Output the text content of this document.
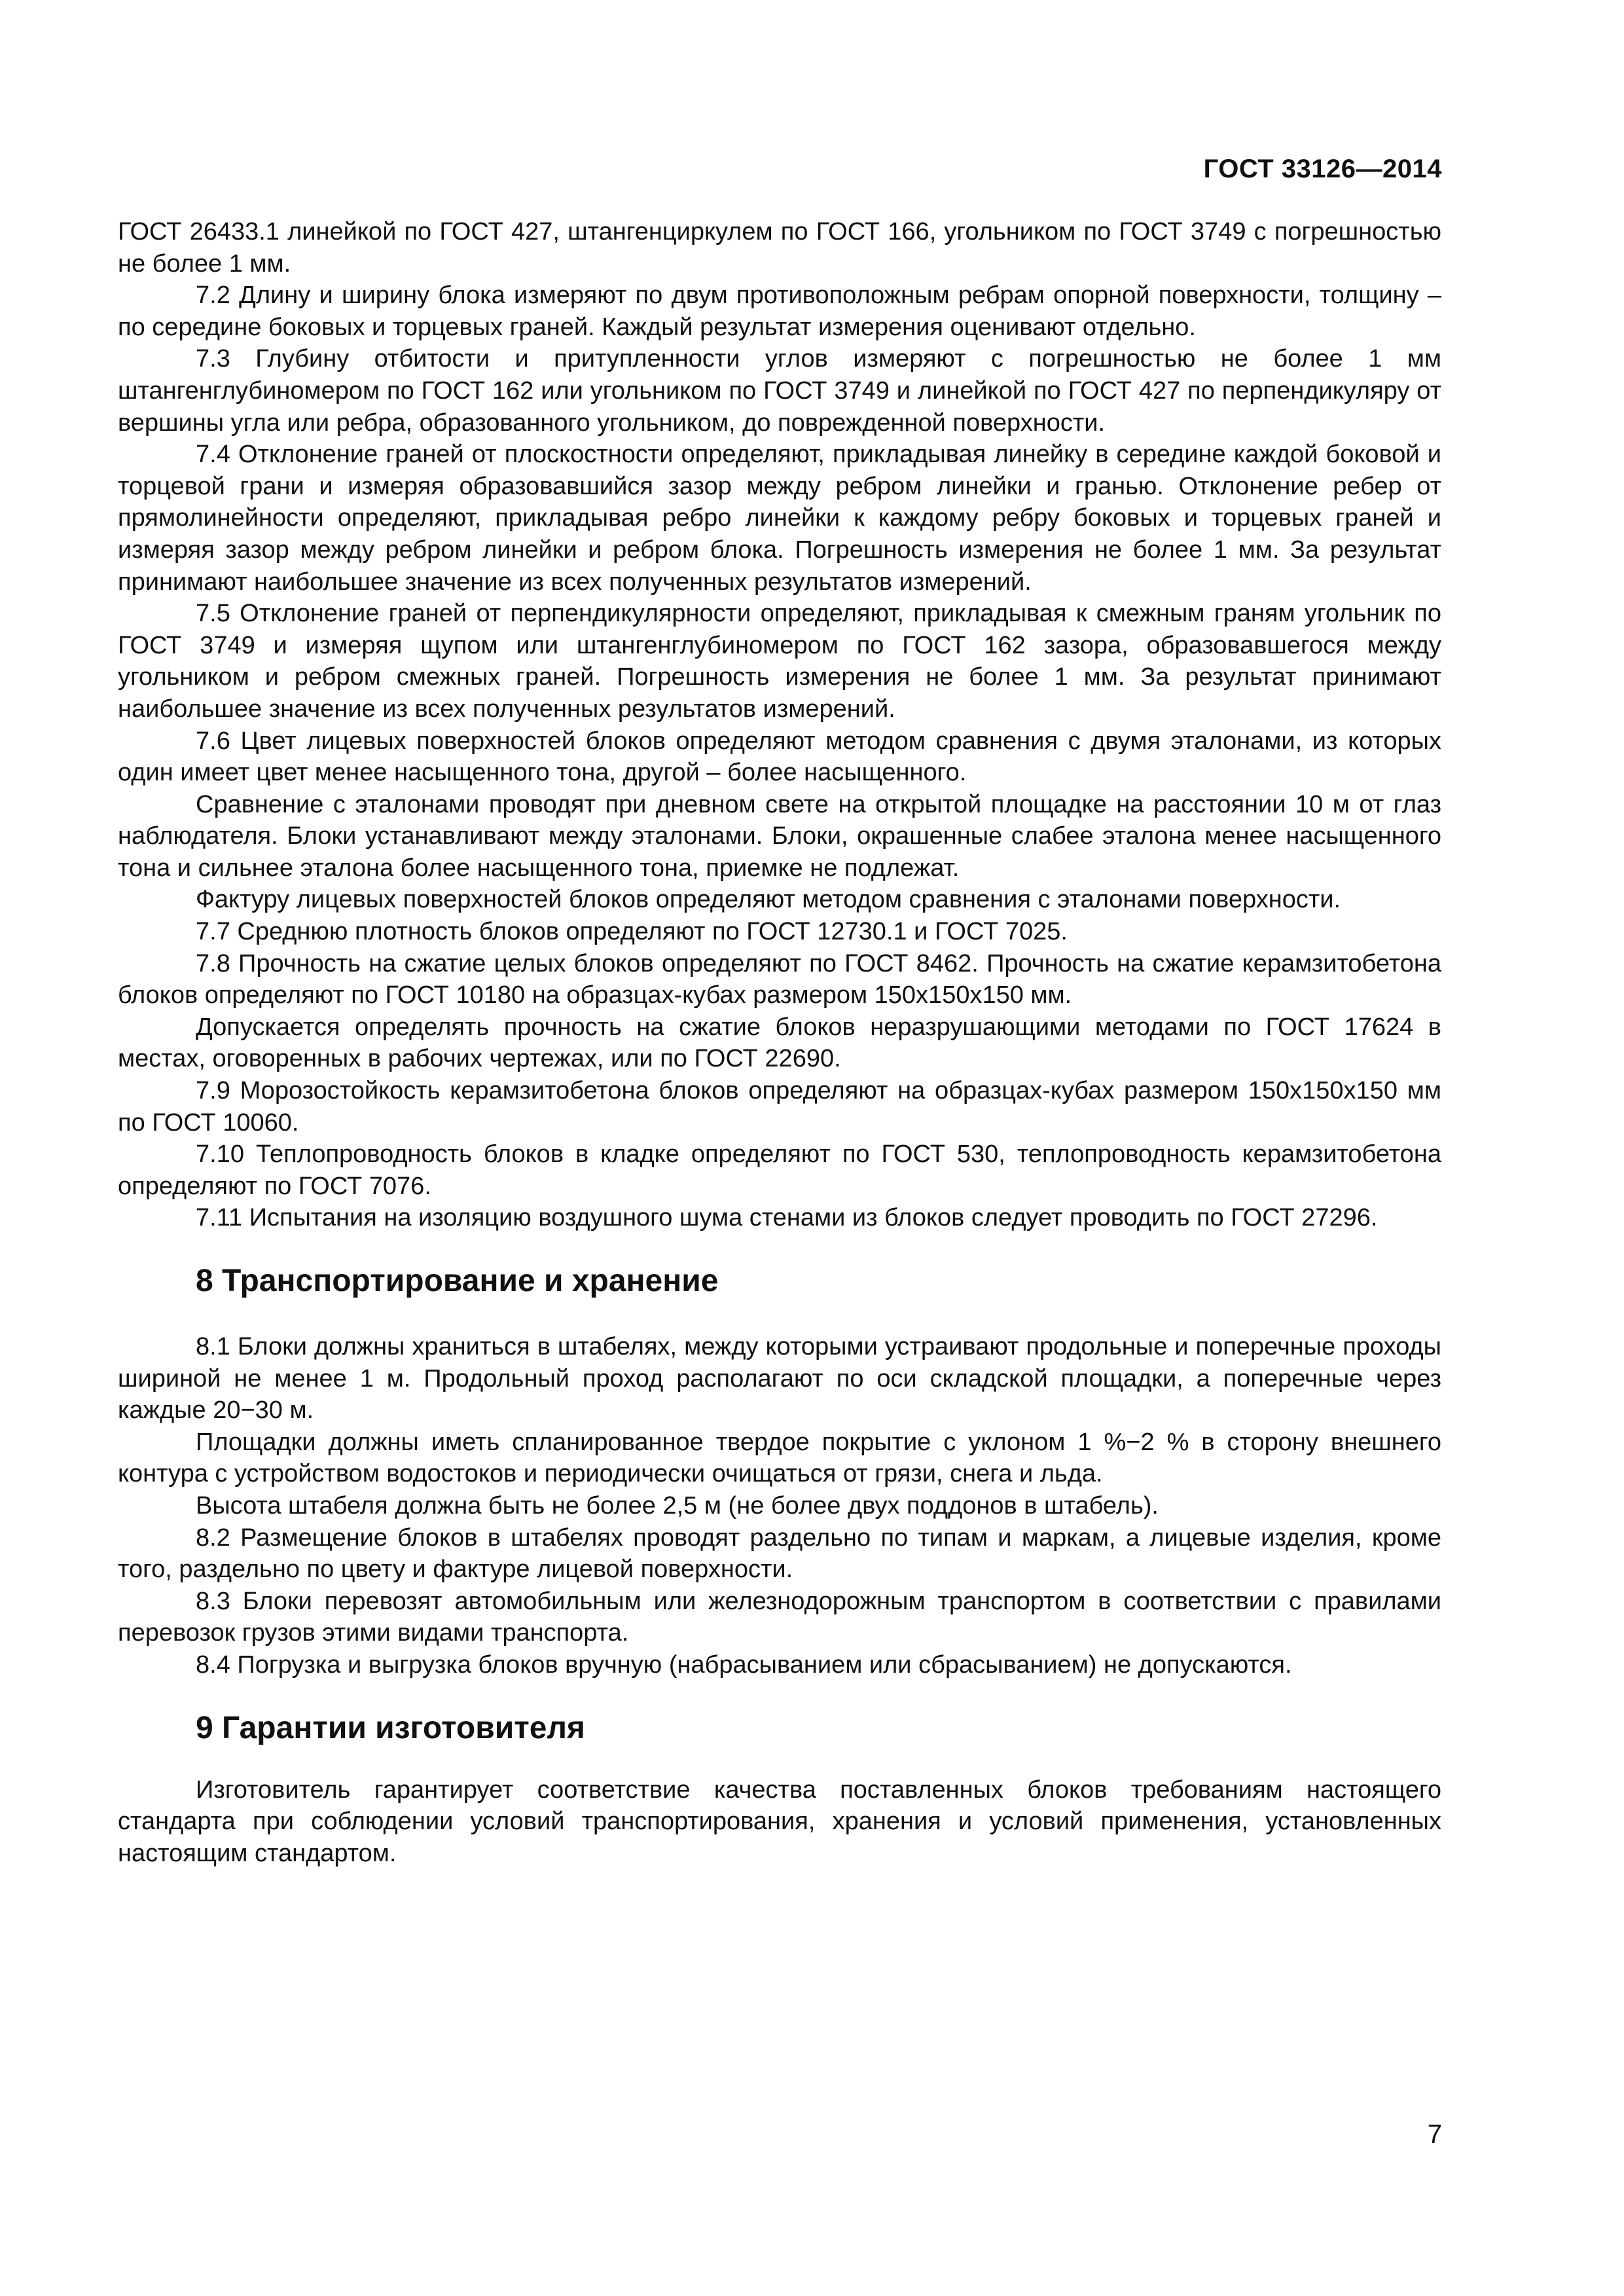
ГОСТ 33126—2014

ГОСТ 26433.1 линейкой по ГОСТ 427, штангенциркулем по ГОСТ 166, угольником по ГОСТ 3749 с погрешностью не более 1 мм.

7.2 Длину и ширину блока измеряют по двум противоположным ребрам опорной поверхности, толщину – по середине боковых и торцевых граней. Каждый результат измерения оценивают отдельно.

7.3 Глубину отбитости и притупленности углов измеряют с погрешностью не более 1 мм штангенглубиномером по ГОСТ 162 или угольником по ГОСТ 3749 и линейкой по ГОСТ 427 по перпендикуляру от вершины угла или ребра, образованного угольником, до поврежденной поверхности.

7.4 Отклонение граней от плоскостности определяют, прикладывая линейку в середине каждой боковой и торцевой грани и измеряя образовавшийся зазор между ребром линейки и гранью. Отклонение ребер от прямолинейности определяют, прикладывая ребро линейки к каждому ребру боковых и торцевых граней и измеряя зазор между ребром линейки и ребром блока. Погрешность измерения не более 1 мм. За результат принимают наибольшее значение из всех полученных результатов измерений.

7.5 Отклонение граней от перпендикулярности определяют, прикладывая к смежным граням угольник по ГОСТ 3749 и измеряя щупом или штангенглубиномером по ГОСТ 162 зазора, образовавшегося между угольником и ребром смежных граней. Погрешность измерения не более 1 мм. За результат принимают наибольшее значение из всех полученных результатов измерений.

7.6 Цвет лицевых поверхностей блоков определяют методом сравнения с двумя эталонами, из которых один имеет цвет менее насыщенного тона, другой – более насыщенного.

Сравнение с эталонами проводят при дневном свете на открытой площадке на расстоянии 10 м от глаз наблюдателя. Блоки устанавливают между эталонами. Блоки, окрашенные слабее эталона менее насыщенного тона и сильнее эталона более насыщенного тона, приемке не подлежат.

Фактуру лицевых поверхностей блоков определяют методом сравнения с эталонами поверхности.

7.7 Среднюю плотность блоков определяют по ГОСТ 12730.1 и ГОСТ 7025.

7.8 Прочность на сжатие целых блоков определяют по ГОСТ 8462. Прочность на сжатие керамзитобетона блоков определяют по ГОСТ 10180 на образцах-кубах размером 150х150х150 мм.

Допускается определять прочность на сжатие блоков неразрушающими методами по ГОСТ 17624 в местах, оговоренных в рабочих чертежах, или по ГОСТ 22690.

7.9 Морозостойкость керамзитобетона блоков определяют на образцах-кубах размером 150х150х150 мм по ГОСТ 10060.

7.10 Теплопроводность блоков в кладке определяют по ГОСТ 530, теплопроводность керамзитобетона определяют по ГОСТ 7076.

7.11 Испытания на изоляцию воздушного шума стенами из блоков следует проводить по ГОСТ 27296.

8 Транспортирование и хранение

8.1 Блоки должны храниться в штабелях, между которыми устраивают продольные и поперечные проходы шириной не менее 1 м. Продольный проход располагают по оси складской площадки, а поперечные через каждые 20−30 м.

Площадки должны иметь спланированное твердое покрытие с уклоном 1 %−2 % в сторону внешнего контура с устройством водостоков и периодически очищаться от грязи, снега и льда.

Высота штабеля должна быть не более 2,5 м (не более двух поддонов в штабель).

8.2 Размещение блоков в штабелях проводят раздельно по типам и маркам, а лицевые изделия, кроме того, раздельно по цвету и фактуре лицевой поверхности.

8.3 Блоки перевозят автомобильным или железнодорожным транспортом в соответствии с правилами перевозок грузов этими видами транспорта.

8.4 Погрузка и выгрузка блоков вручную (набрасыванием или сбрасыванием) не допускаются.

9 Гарантии изготовителя

Изготовитель гарантирует соответствие качества поставленных блоков требованиям настоящего стандарта при соблюдении условий транспортирования, хранения и условий применения, установленных настоящим стандартом.

7
